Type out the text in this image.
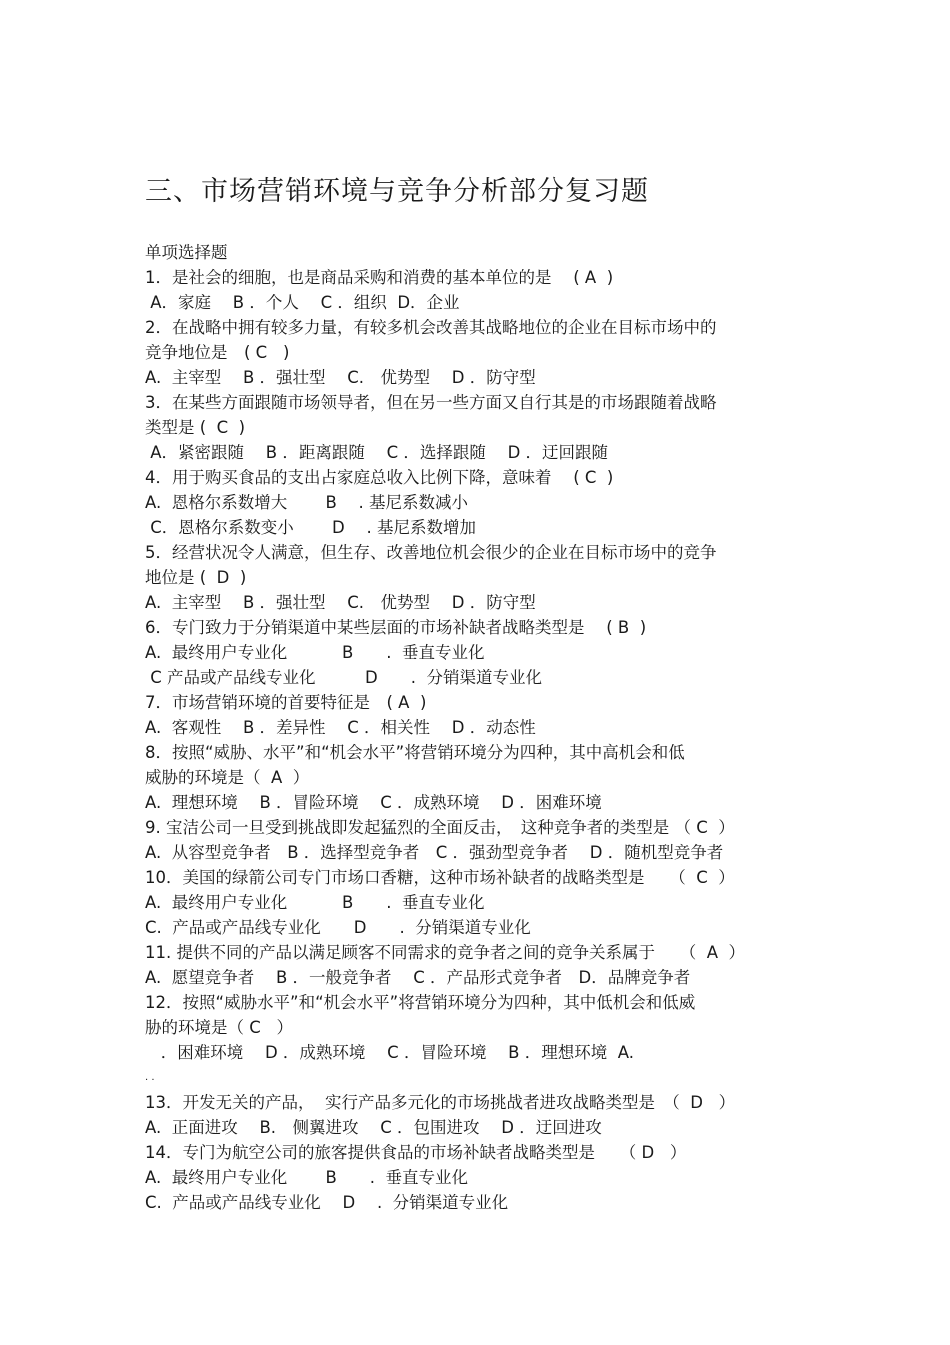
三、市场营销环境与竞争分析部分复习题
单项选择题
1．是社会的细胞，也是商品采购和消费的基本单位的是　 ( A  )
A．家庭　 B ．个人　 C ．组织  D．企业
2．在战略中拥有较多力量，有较多机会改善其战略地位的企业在目标市场中的
竞争地位是　( C   )
A.  主宰型　 B ．强壮型　 C.　优势型　 D ．防守型
3．在某些方面跟随市场领导者，但在另一些方面又自行其是的市场跟随着战略
类型是 (  C  )
A．紧密跟随　 B ．距离跟随　 C ．选择跟随　 D ．迂回跟随
4．用于购买食品的支出占家庭总收入比例下降，意味着　 ( C  )
A.  恩格尔系数增大　　 B　 . 基尼系数减小
C．恩格尔系数变小　　 D　 . 基尼系数增加
5．经营状况令人满意，但生存、改善地位机会很少的企业在目标市场中的竞争
地位是 (  D  )
A.  主宰型　 B ．强壮型　 C.　优势型　 D ．防守型
6．专门致力于分销渠道中某些层面的市场补缺者战略类型是　 ( B  )
A.  最终用户专业化　　　 B　　.  垂直专业化
C 产品或产品线专业化　　　D　　.  分销渠道专业化
7．市场营销环境的首要特征是　( A  )
A.  客观性　 B ．差异性　 C ．相关性　 D ．动态性
8．按照“威胁、水平”和“机会水平”将营销环境分为四种，其中高机会和低
威胁的环境是（  A  ）
A.  理想环境　 B ．冒险环境　 C ．成熟环境　 D ．困难环境
9. 宝洁公司一旦受到挑战即发起猛烈的全面反击，　这种竞争者的类型是 （ C  ）
A.  从容型竞争者　B ．选择型竞争者　C ．强劲型竞争者　 D ．随机型竞争者
10．美国的绿箭公司专门市场口香糖，这种市场补缺者的战略类型是　　（  C  ）
A.  最终用户专业化　　　 B　　.  垂直专业化
C.  产品或产品线专业化　　D　　.  分销渠道专业化
11. 提供不同的产品以满足顾客不同需求的竞争者之间的竞争关系属于　　（  A  ）
A.  愿望竞争者　 B ．一般竞争者　 C ．产品形式竞争者　D．品牌竞争者
12．按照“威胁水平”和“机会水平”将营销环境分为四种，其中低机会和低威
胁的环境是（ C   ）
．困难环境　 D ．成熟环境　 C ．冒险环境　 B ．理想环境  A.
. .
13．开发无关的产品，  实行产品多元化的市场挑战者进攻战略类型是　（  D   ）
A.  正面进攻　 B.　侧翼进攻　 C ．包围进攻　 D ．迂回进攻
14．专门为航空公司的旅客提供食品的市场补缺者战略类型是　　（ D   ）
A.  最终用户专业化　　 B　　.  垂直专业化
C.  产品或产品线专业化　 D　 .  分销渠道专业化
